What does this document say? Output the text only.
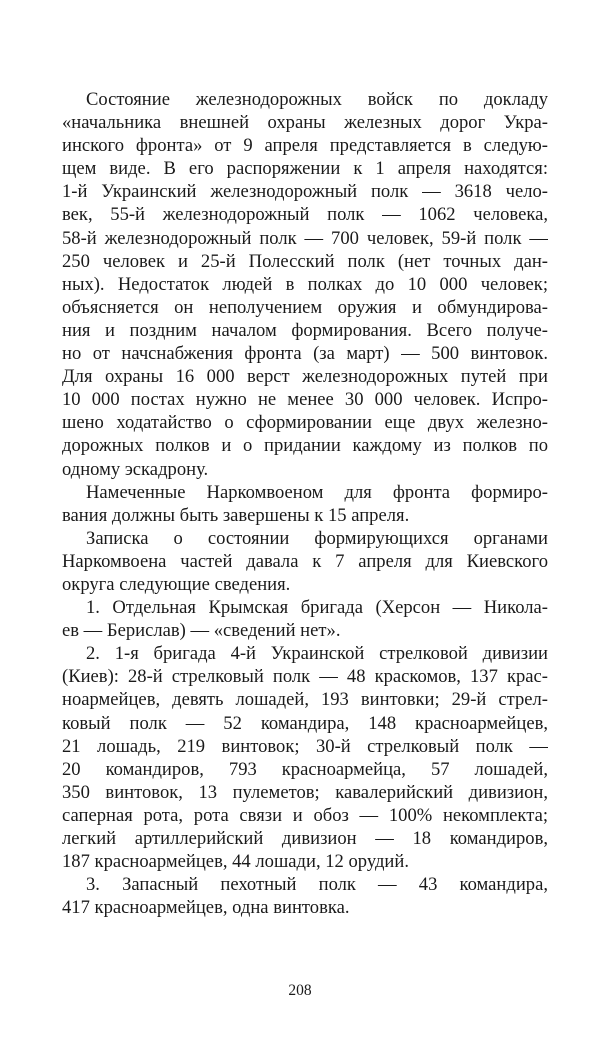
Состояние железнодорожных войск по докладу
«начальника внешней охраны железных дорог Укра-
инского фронта» от 9 апреля представляется в следую-
щем виде. В его распоряжении к 1 апреля находятся:
1-й Украинский железнодорожный полк — 3618 чело-
век, 55-й железнодорожный полк — 1062 человека,
58-й железнодорожный полк — 700 человек, 59-й полк —
250 человек и 25-й Полесский полк (нет точных дан-
ных). Недостаток людей в полках до 10 000 человек;
объясняется он неполучением оружия и обмундирова-
ния и поздним началом формирования. Всего получе-
но от начснабжения фронта (за март) — 500 винтовок.
Для охраны 16 000 верст железнодорожных путей при
10 000 постах нужно не менее 30 000 человек. Испро-
шено ходатайство о сформировании еще двух железно-
дорожных полков и о придании каждому из полков по
одному эскадрону.
Намеченные Наркомвоеном для фронта формиро-
вания должны быть завершены к 15 апреля.
Записка о состоянии формирующихся органами
Наркомвоена частей давала к 7 апреля для Киевского
округа следующие сведения.
1. Отдельная Крымская бригада (Херсон — Никола-
ев — Берислав) — «сведений нет».
2. 1-я бригада 4-й Украинской стрелковой дивизии
(Киев): 28-й стрелковый полк — 48 краскомов, 137 крас-
ноармейцев, девять лошадей, 193 винтовки; 29-й стрел-
ковый полк — 52 командира, 148 красноармейцев,
21 лошадь, 219 винтовок; 30-й стрелковый полк —
20 командиров, 793 красноармейца, 57 лошадей,
350 винтовок, 13 пулеметов; кавалерийский дивизион,
саперная рота, рота связи и обоз — 100% некомплекта;
легкий артиллерийский дивизион — 18 командиров,
187 красноармейцев, 44 лошади, 12 орудий.
3. Запасный пехотный полк — 43 командира,
417 красноармейцев, одна винтовка.
208
